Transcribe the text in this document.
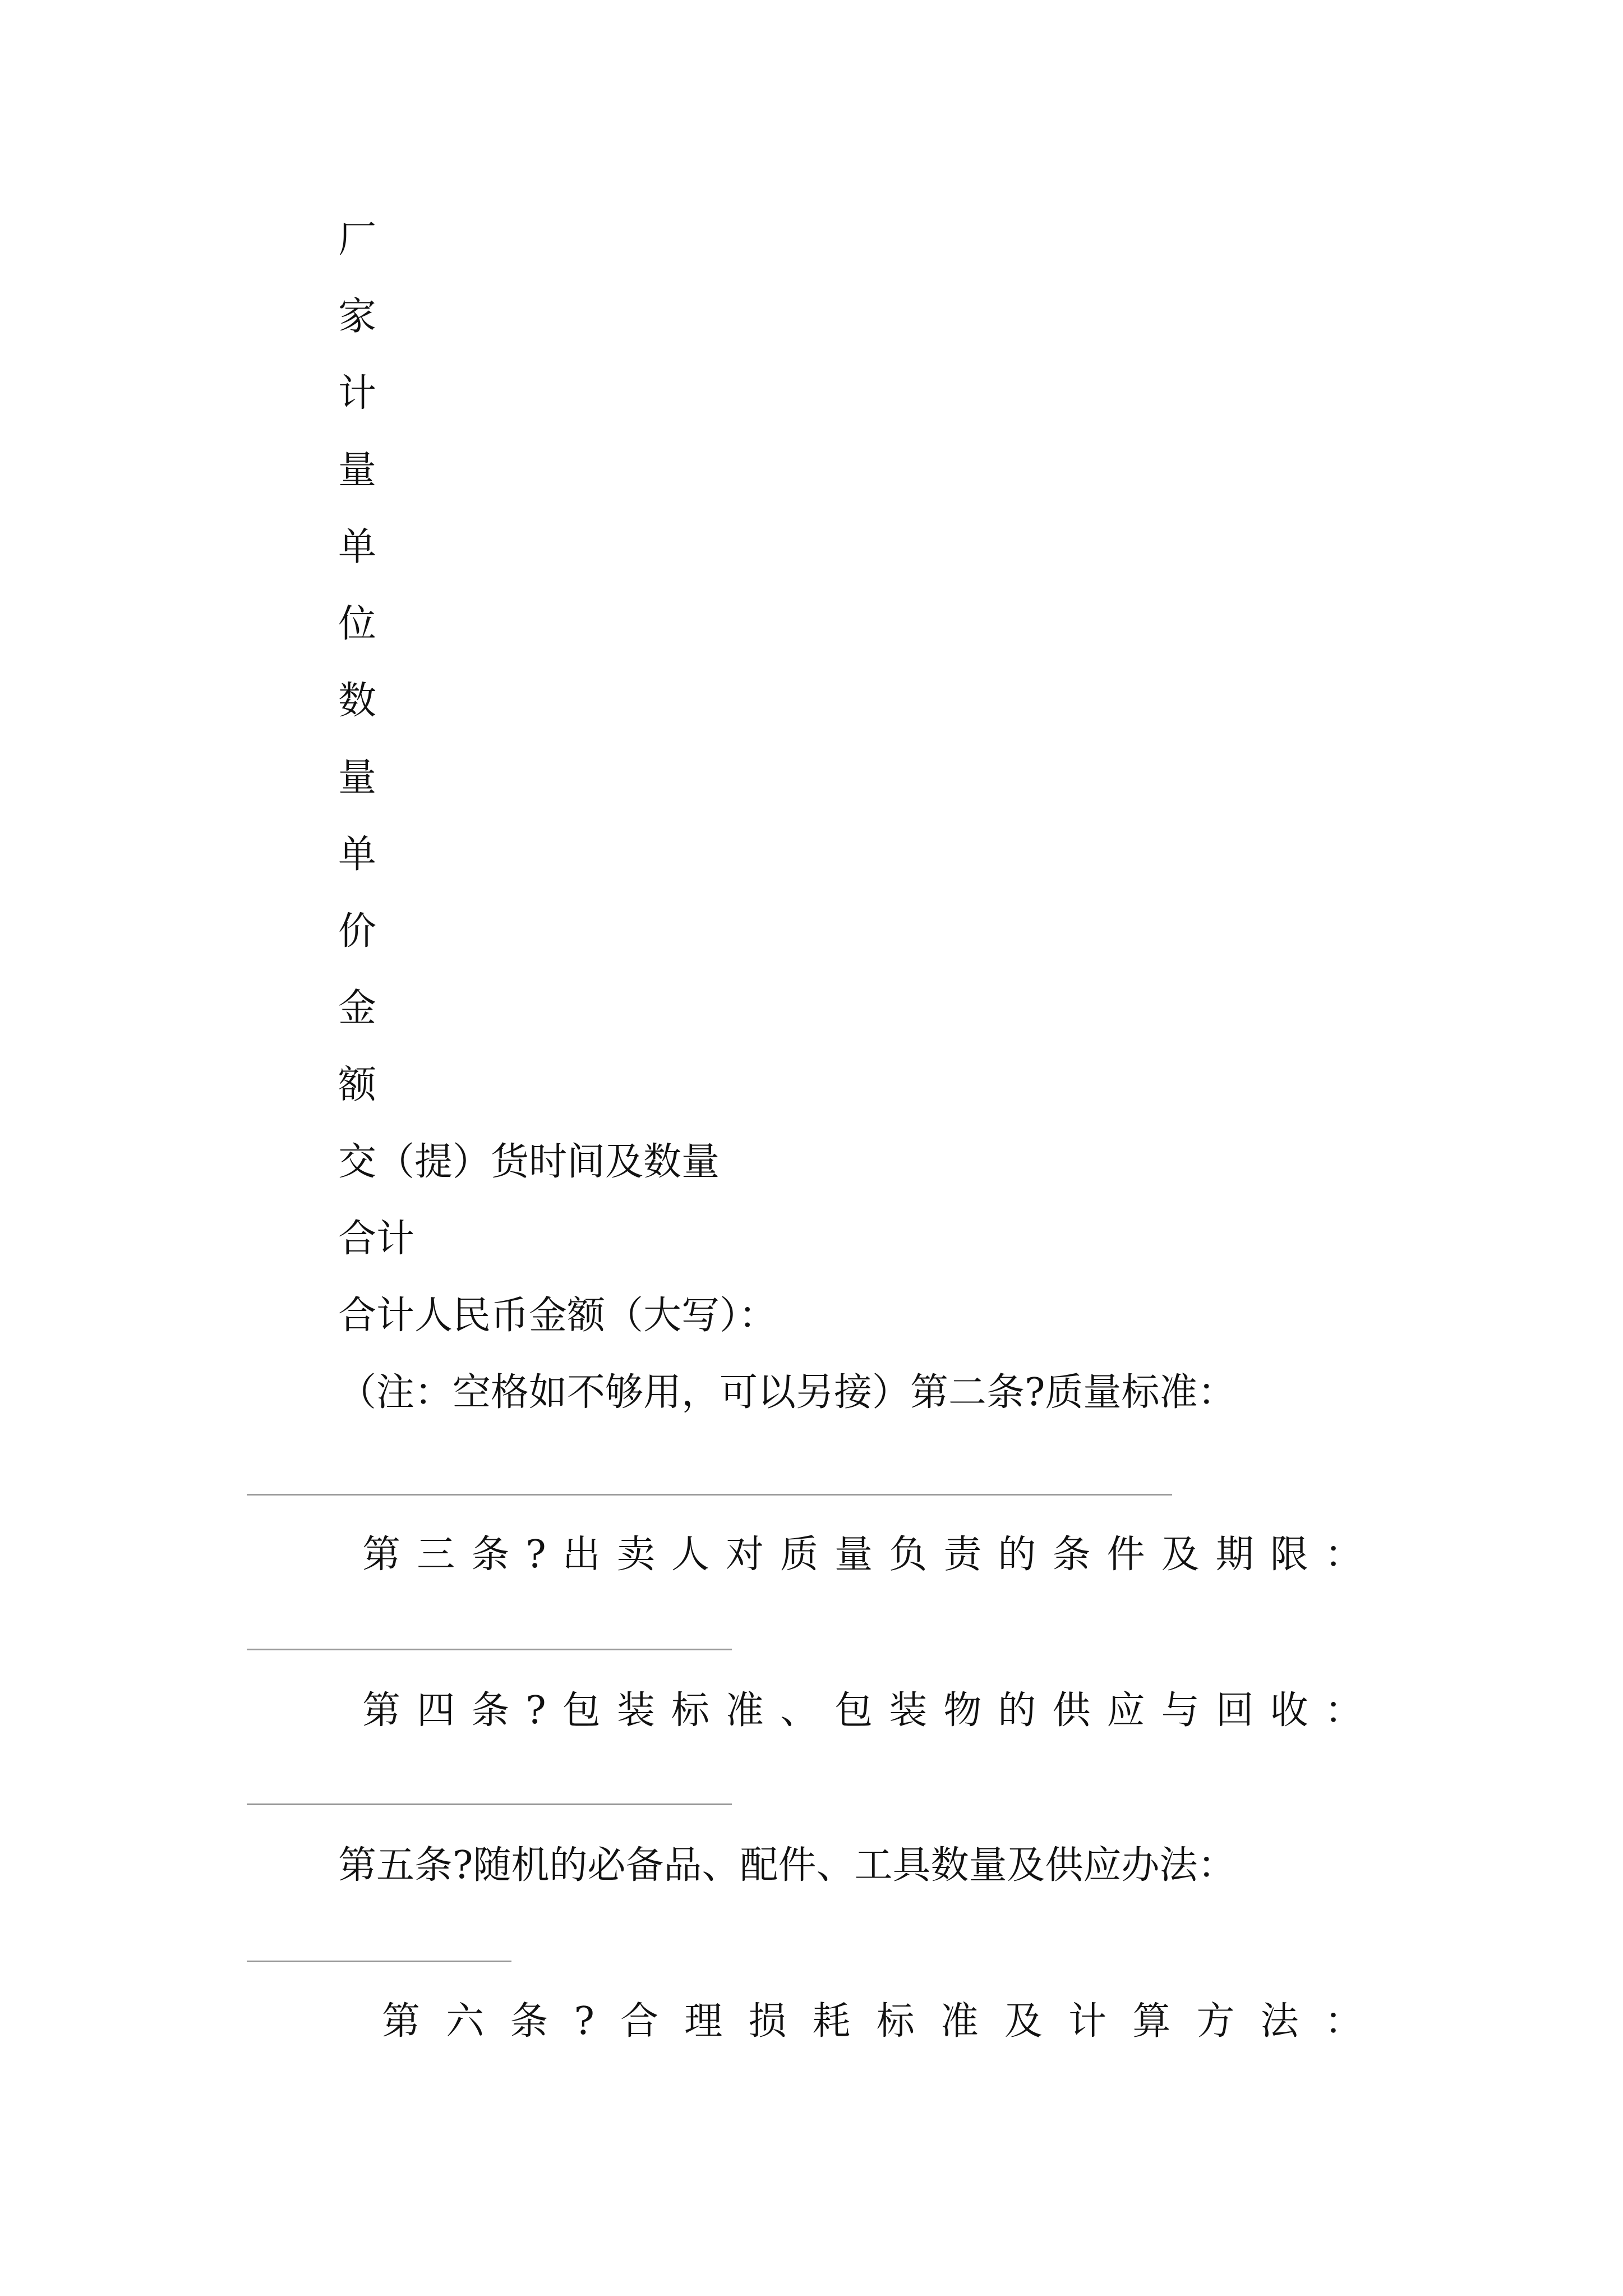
厂

家

计

量

单

位

数

量

单

价

金

额

交（提）货时间及数量

合计

合计人民币金额（大写）：

（注：空格如不够用，可以另接）第二条?质量标准：

第 三 条 ? 出 卖 人 对 质 量 负 责 的 条 件 及 期 限 ：
第 四 条 ? 包 装 标 准 、 包 装 物 的 供 应 与 回 收 ：

第五条?随机的必备品、配件、工具数量及供应办法：

第 六 条 ? 合 理 损 耗 标 准 及 计 算 方 法 ：
